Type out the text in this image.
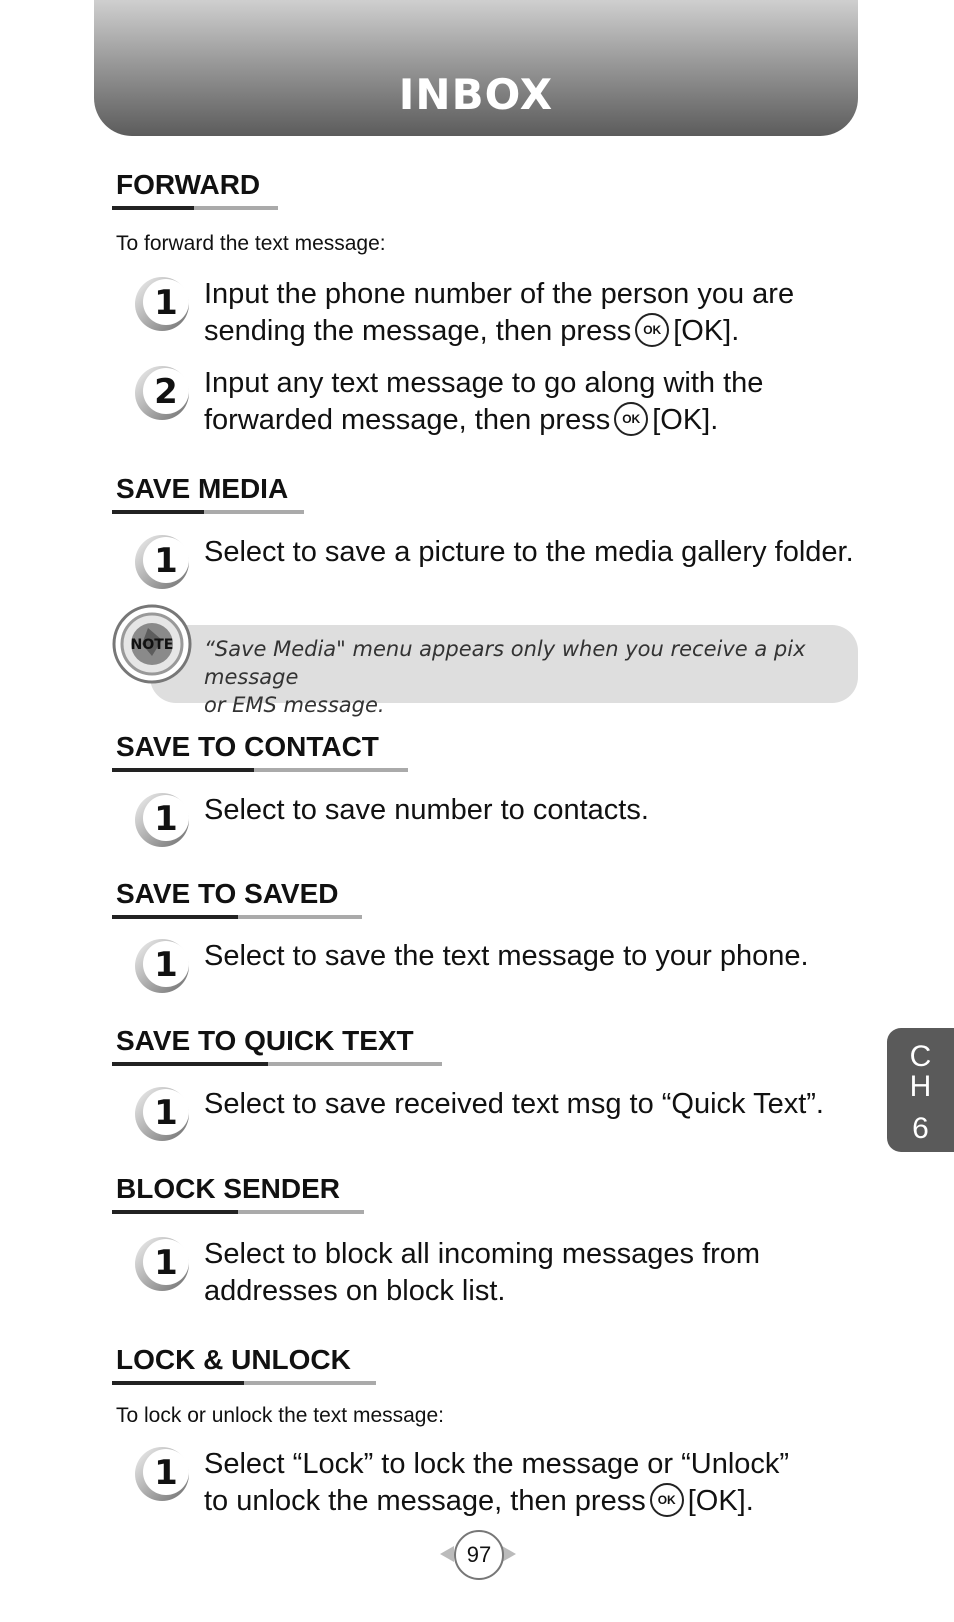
INBOX
FORWARD
To forward the text message:
1 Input the phone number of the person you are
sending the message, then press OK [OK].
2 Input any text message to go along with the
forwarded message, then press OK [OK].
SAVE MEDIA
1 Select to save a picture to the media gallery folder.
“Save Media" menu appears only when you receive a pix message
or EMS message.
NOTE
SAVE TO CONTACT
1 Select to save number to contacts.
SAVE TO SAVED
1 Select to save the text message to your phone.
SAVE TO QUICK TEXT
1 Select to save received text msg to “Quick Text”.
C
H
6
BLOCK SENDER
1 Select to block all incoming messages from
addresses on block list.
LOCK & UNLOCK
To lock or unlock the text message:
1 Select “Lock” to lock the message or “Unlock”
to unlock the message, then press OK [OK].
97
